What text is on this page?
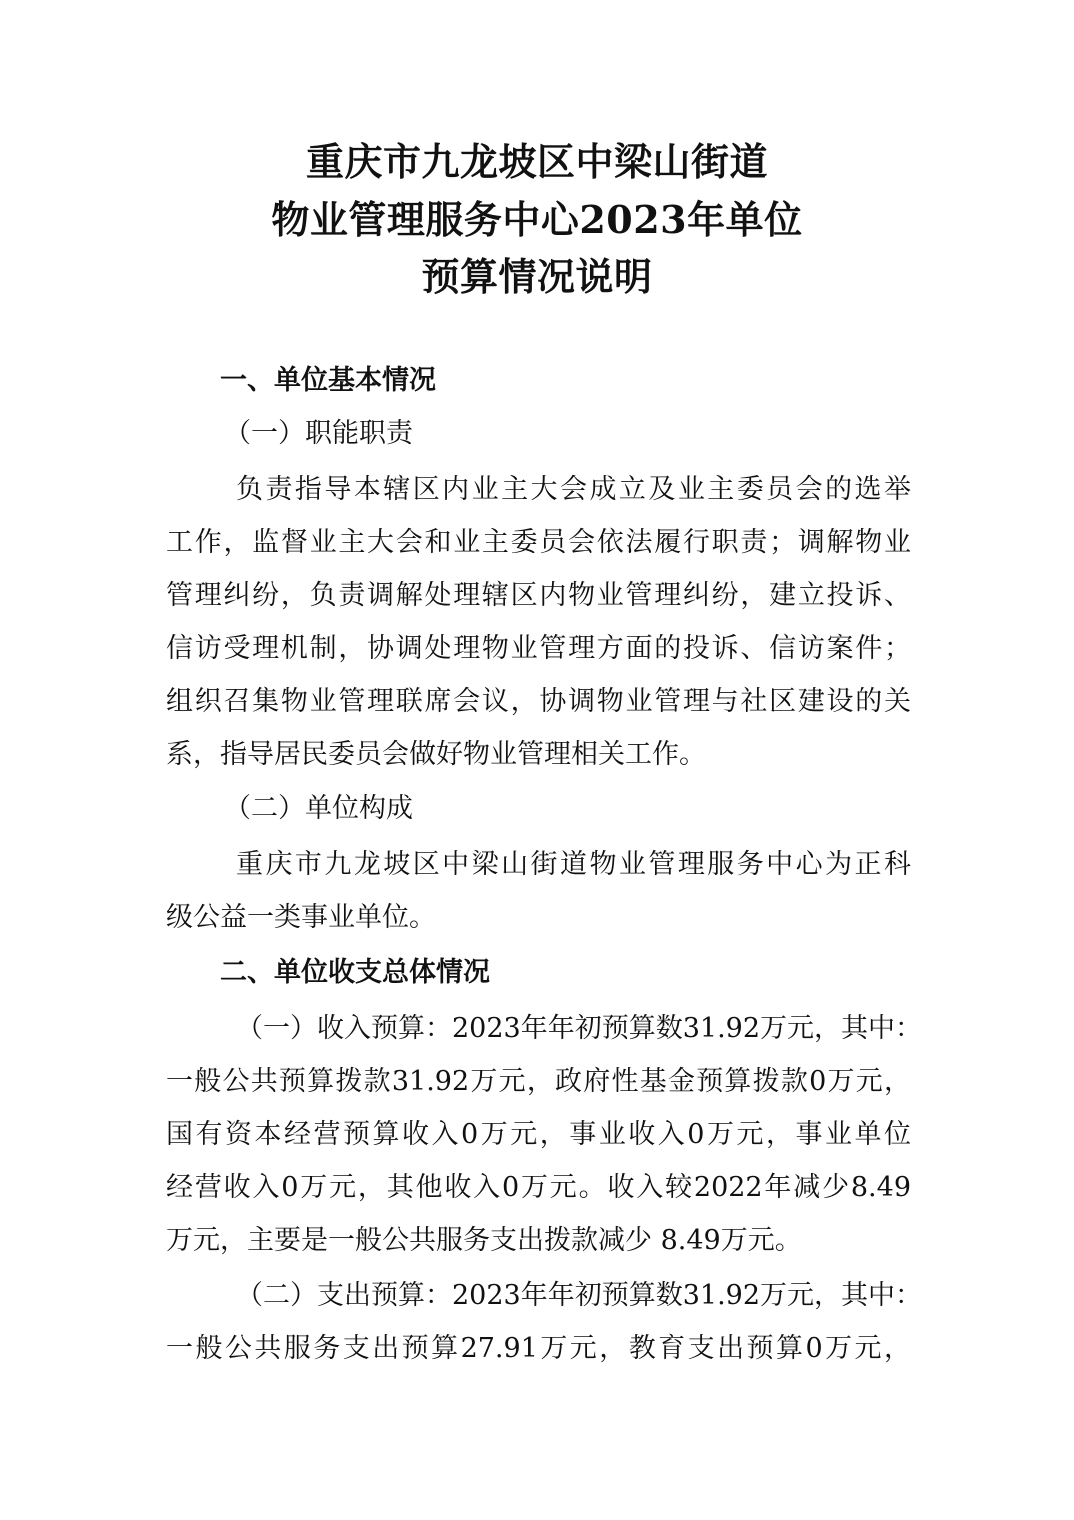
重庆市九龙坡区中梁山街道
物业管理服务中心2023年单位
预算情况说明
一、单位基本情况
（一）职能职责
负责指导本辖区内业主大会成立及业主委员会的选举
工作，监督业主大会和业主委员会依法履行职责；调解物业
管理纠纷，负责调解处理辖区内物业管理纠纷，建立投诉、
信访受理机制，协调处理物业管理方面的投诉、信访案件；
组织召集物业管理联席会议，协调物业管理与社区建设的关
系，指导居民委员会做好物业管理相关工作。
（二）单位构成
重庆市九龙坡区中梁山街道物业管理服务中心为正科
级公益一类事业单位。
二、单位收支总体情况
（一）收入预算：2023年年初预算数31.92万元，其中：
一般公共预算拨款31.92万元，政府性基金预算拨款0万元，
国有资本经营预算收入0万元，事业收入0万元，事业单位
经营收入0万元，其他收入0万元。收入较2022年减少8.49
万元，主要是一般公共服务支出拨款减少 8.49万元。
（二）支出预算：2023年年初预算数31.92万元，其中：
一般公共服务支出预算27.91万元，教育支出预算0万元，
